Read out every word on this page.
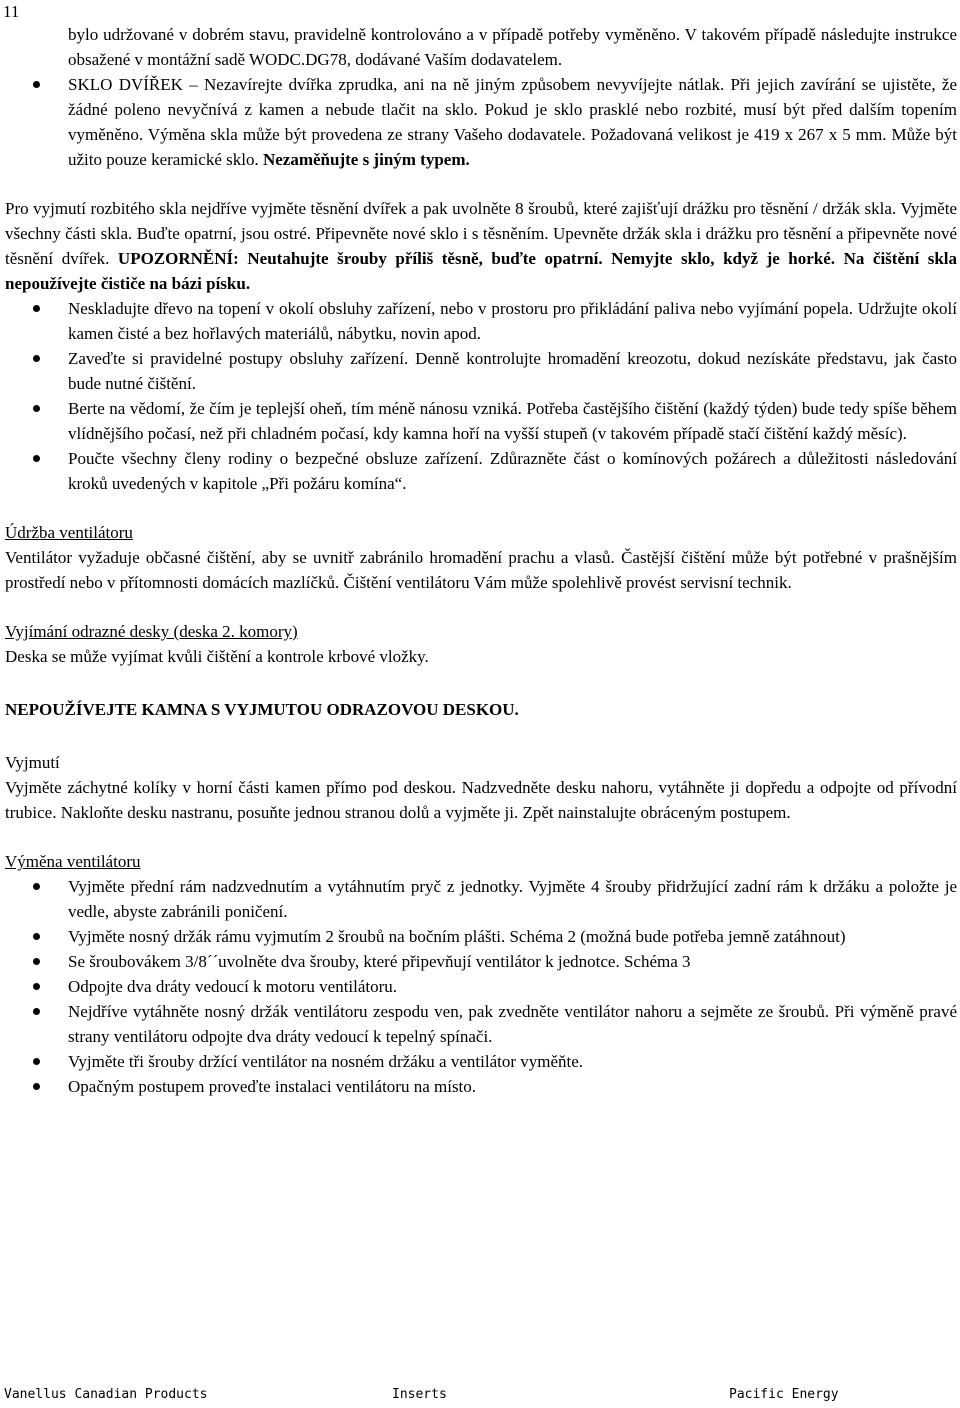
11
bylo udržované v dobrém stavu, pravidelně kontrolováno a v případě potřeby vyměněno. V takovém případě následujte instrukce obsažené v montážní sadě WODC.DG78, dodávané Vaším dodavatelem.
SKLO DVÍŘEK – Nezavírejte dvířka zprudka, ani na ně jiným způsobem nevyvíjejte nátlak. Při jejich zavírání se ujistěte, že žádné poleno nevyčnívá z kamen a nebude tlačit na sklo. Pokud je sklo prasklé nebo rozbité, musí být před dalším topením vyměněno. Výměna skla může být provedena ze strany Vašeho dodavatele. Požadovaná velikost je 419 x 267 x 5 mm. Může být užito pouze keramické sklo. Nezaměňujte s jiným typem.

Pro vyjmutí rozbitého skla nejdříve vyjměte těsnění dvířek a pak uvolněte 8 šroubů, které zajišťují drážku pro těsnění / držák skla. Vyjměte všechny části skla. Buďte opatrní, jsou ostré. Připevněte nové sklo i s těsněním. Upevněte držák skla i drážku pro těsnění a připevněte nové těsnění dvířek. UPOZORNĚNÍ: Neutahujte šrouby příliš těsně, buďte opatrní. Nemyjte sklo, když je horké. Na čištění skla nepoužívejte čističe na bázi písku.

Neskladujte dřevo na topení v okolí obsluhy zařízení, nebo v prostoru pro přikládání paliva nebo vyjímání popela. Udržujte okolí kamen čisté a bez hořlavých materiálů, nábytku, novin apod.
Zaveďte si pravidelné postupy obsluhy zařízení. Denně kontrolujte hromadění kreozotu, dokud nezískáte představu, jak často bude nutné čištění.
Berte na vědomí, že čím je teplejší oheň, tím méně nánosu vzniká. Potřeba častějšího čištění (každý týden) bude tedy spíše během vlídnějšího počasí, než při chladném počasí, kdy kamna hoří na vyšší stupeň (v takovém případě stačí čištění každý měsíc).
Poučte všechny členy rodiny o bezpečné obsluze zařízení. Zdůrazněte část o komínových požárech a důležitosti následování kroků uvedených v kapitole „Při požáru komína“.
Údržba ventilátoru

Ventilátor vyžaduje občasné čištění, aby se uvnitř zabránilo hromadění prachu a vlasů. Častější čištění může být potřebné v prašnějším prostředí nebo v přítomnosti domácích mazlíčků. Čištění ventilátoru Vám může spolehlivě provést servisní technik.

Vyjímání odrazné desky (deska 2. komory)

Deska se může vyjímat kvůli čištění a kontrole krbové vložky.

NEPOUŽÍVEJTE KAMNA S VYJMUTOU ODRAZOVOU DESKOU.

Vyjmutí

Vyjměte záchytné kolíky v horní části kamen přímo pod deskou. Nadzvedněte desku nahoru, vytáhněte ji dopředu a odpojte od přívodní trubice. Nakloňte desku nastranu, posuňte jednou stranou dolů a vyjměte ji. Zpět nainstalujte obráceným postupem.

Výměna ventilátoru
Vyjměte přední rám nadzvednutím a vytáhnutím pryč z jednotky. Vyjměte 4 šrouby přidržující zadní rám k držáku a položte je vedle, abyste zabránili poničení.
Vyjměte nosný držák rámu vyjmutím 2 šroubů na bočním plášti. Schéma 2 (možná bude potřeba jemně zatáhnout)
Se šroubovákem 3/8´´uvolněte dva šrouby, které připevňují ventilátor k jednotce. Schéma 3
Odpojte dva dráty vedoucí k motoru ventilátoru.
Nejdříve vytáhněte nosný držák ventilátoru zespodu ven, pak zvedněte ventilátor nahoru a sejměte ze šroubů. Při výměně pravé strany ventilátoru odpojte dva dráty vedoucí k tepelný spínači.
Vyjměte tři šrouby držící ventilátor na nosném držáku a ventilátor vyměňte.
Opačným postupem proveďte instalaci ventilátoru na místo.
Vanellus Canadian Products	Inserts	Pacific Energy
